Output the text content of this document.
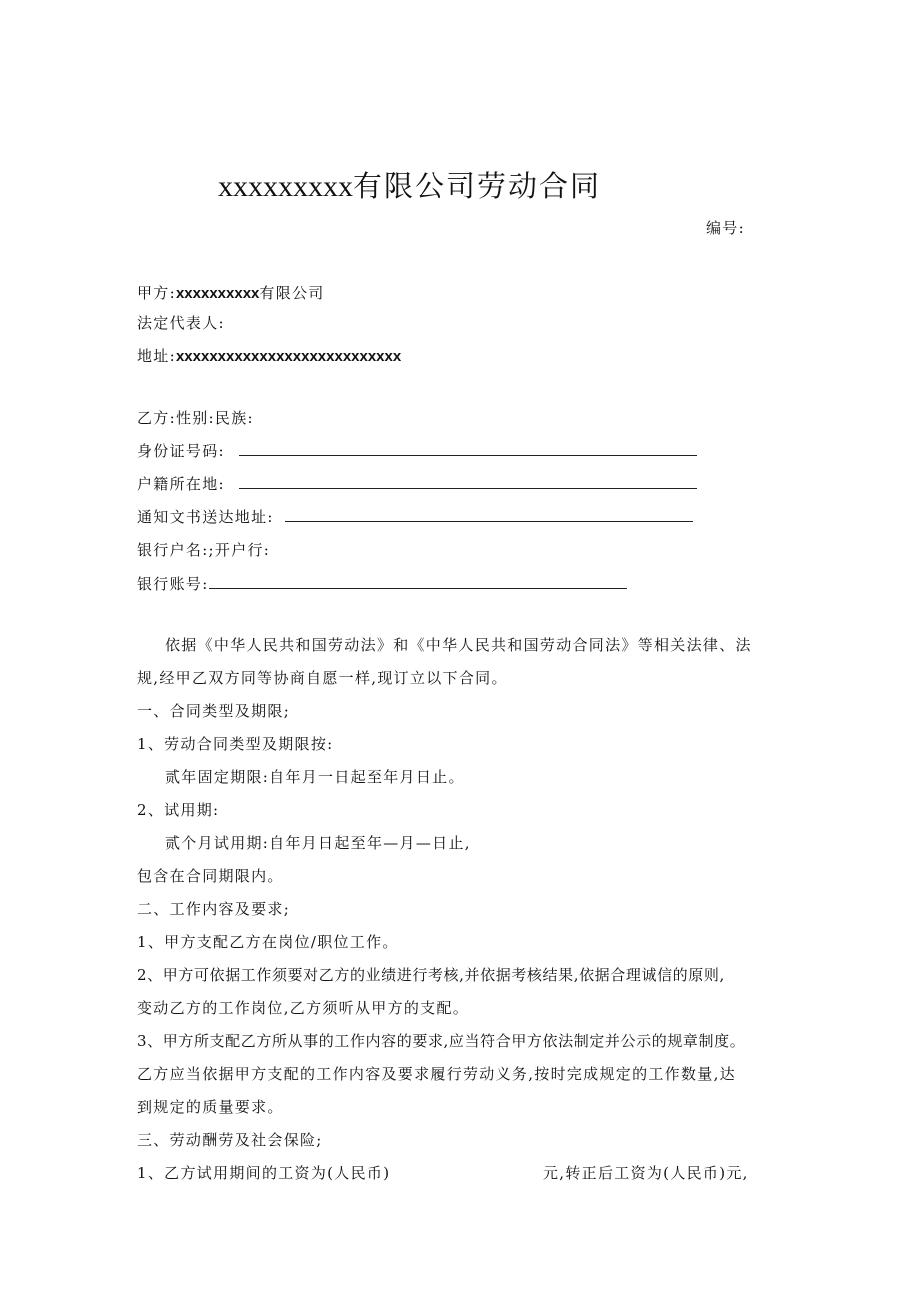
xxxxxxxxx有限公司劳动合同
编号:
甲方:xxxxxxxxxx有限公司
法定代表人:
地址:xxxxxxxxxxxxxxxxxxxxxxxxxxx
乙方:性别:民族:
身份证号码:
户籍所在地:
通知文书送达地址:
银行户名:;开户行:
银行账号:
依据《中华人民共和国劳动法》和《中华人民共和国劳动合同法》等相关法律、法
规,经甲乙双方同等协商自愿一样,现订立以下合同。
一、合同类型及期限;
1、劳动合同类型及期限按:
贰年固定期限:自年月一日起至年月日止。
2、试用期:
贰个月试用期:自年月日起至年—月—日止,
包含在合同期限内。
二、工作内容及要求;
1、甲方支配乙方在岗位/职位工作。
2、甲方可依据工作须要对乙方的业绩进行考核,并依据考核结果,依据合理诚信的原则,
变动乙方的工作岗位,乙方须听从甲方的支配。
3、甲方所支配乙方所从事的工作内容的要求,应当符合甲方依法制定并公示的规章制度。
乙方应当依据甲方支配的工作内容及要求履行劳动义务,按时完成规定的工作数量,达
到规定的质量要求。
三、劳动酬劳及社会保险;
1、乙方试用期间的工资为(人民币)	元,转正后工资为(人民币)元,
